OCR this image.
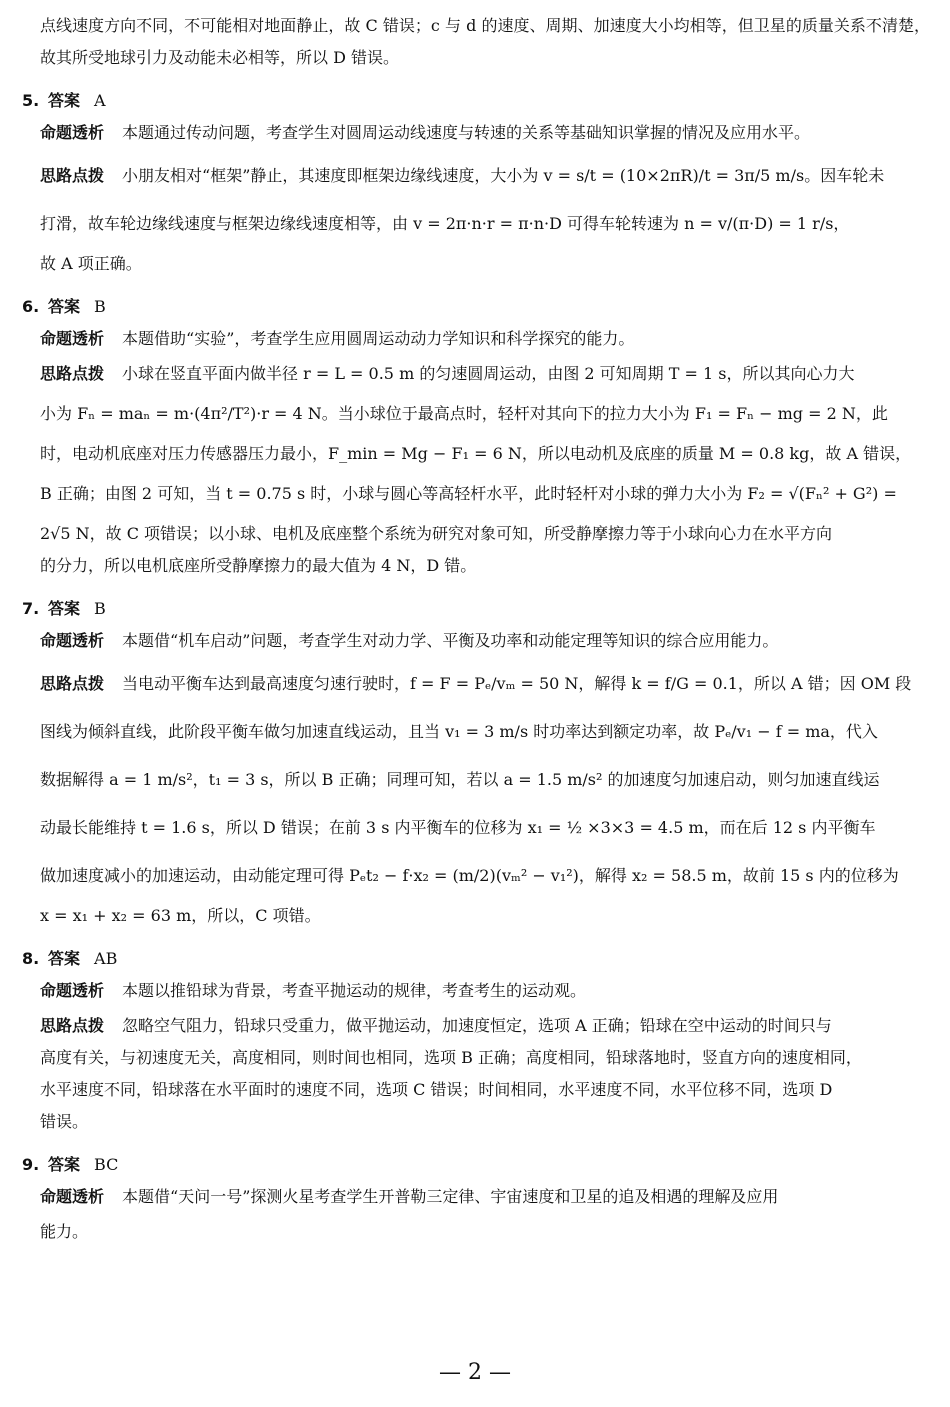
点线速度方向不同，不可能相对地面静止，故 C 错误；c 与 d 的速度、周期、加速度大小均相等，但卫星的质量关系不清楚，故其所受地球引力及动能未必相等，所以 D 错误。

5. 答案 A

命题透析 本题通过传动问题，考查学生对圆周运动线速度与转速的关系等基础知识掌握的情况及应用水平。

思路点拨 小朋友相对“框架”静止，其速度即框架边缘线速度，大小为 v = s/t = (10×2πR)/t = 3π/5 m/s。因车轮未

打滑，故车轮边缘线速度与框架边缘线速度相等，由 v = 2π·n·r = π·n·D 可得车轮转速为 n = v/(π·D) = 1 r/s，

故 A 项正确。

6. 答案 B

命题透析 本题借助“实验”，考查学生应用圆周运动动力学知识和科学探究的能力。

思路点拨 小球在竖直平面内做半径 r = L = 0.5 m 的匀速圆周运动，由图 2 可知周期 T = 1 s，所以其向心力大

小为 Fₙ = maₙ = m·(4π²/T²)·r = 4 N。当小球位于最高点时，轻杆对其向下的拉力大小为 F₁ = Fₙ − mg = 2 N，此

时，电动机底座对压力传感器压力最小，F_min = Mg − F₁ = 6 N，所以电动机及底座的质量 M = 0.8 kg，故 A 错误，

B 正确；由图 2 可知，当 t = 0.75 s 时，小球与圆心等高轻杆水平，此时轻杆对小球的弹力大小为 F₂ = √(Fₙ² + G²) =

2√5 N，故 C 项错误；以小球、电机及底座整个系统为研究对象可知，所受静摩擦力等于小球向心力在水平方向

的分力，所以电机底座所受静摩擦力的最大值为 4 N，D 错。

7. 答案 B

命题透析 本题借“机车启动”问题，考查学生对动力学、平衡及功率和动能定理等知识的综合应用能力。

思路点拨 当电动平衡车达到最高速度匀速行驶时，f = F = Pₑ/vₘ = 50 N，解得 k = f/G = 0.1，所以 A 错；因 OM 段

图线为倾斜直线，此阶段平衡车做匀加速直线运动，且当 v₁ = 3 m/s 时功率达到额定功率，故 Pₑ/v₁ − f = ma，代入

数据解得 a = 1 m/s²，t₁ = 3 s，所以 B 正确；同理可知，若以 a = 1.5 m/s² 的加速度匀加速启动，则匀加速直线运

动最长能维持 t = 1.6 s，所以 D 错误；在前 3 s 内平衡车的位移为 x₁ = ½ ×3×3 = 4.5 m，而在后 12 s 内平衡车

做加速度减小的加速运动，由动能定理可得 Pₑt₂ − f·x₂ = (m/2)(vₘ² − v₁²)，解得 x₂ = 58.5 m，故前 15 s 内的位移为

x = x₁ + x₂ = 63 m，所以，C 项错。

8. 答案 AB

命题透析 本题以推铅球为背景，考查平抛运动的规律，考查考生的运动观。

思路点拨 忽略空气阻力，铅球只受重力，做平抛运动，加速度恒定，选项 A 正确；铅球在空中运动的时间只与

高度有关，与初速度无关，高度相同，则时间也相同，选项 B 正确；高度相同，铅球落地时，竖直方向的速度相同，

水平速度不同，铅球落在水平面时的速度不同，选项 C 错误；时间相同，水平速度不同，水平位移不同，选项 D

错误。

9. 答案 BC

命题透析 本题借“天问一号”探测火星考查学生开普勒三定律、宇宙速度和卫星的追及相遇的理解及应用

能力。

— 2 —
